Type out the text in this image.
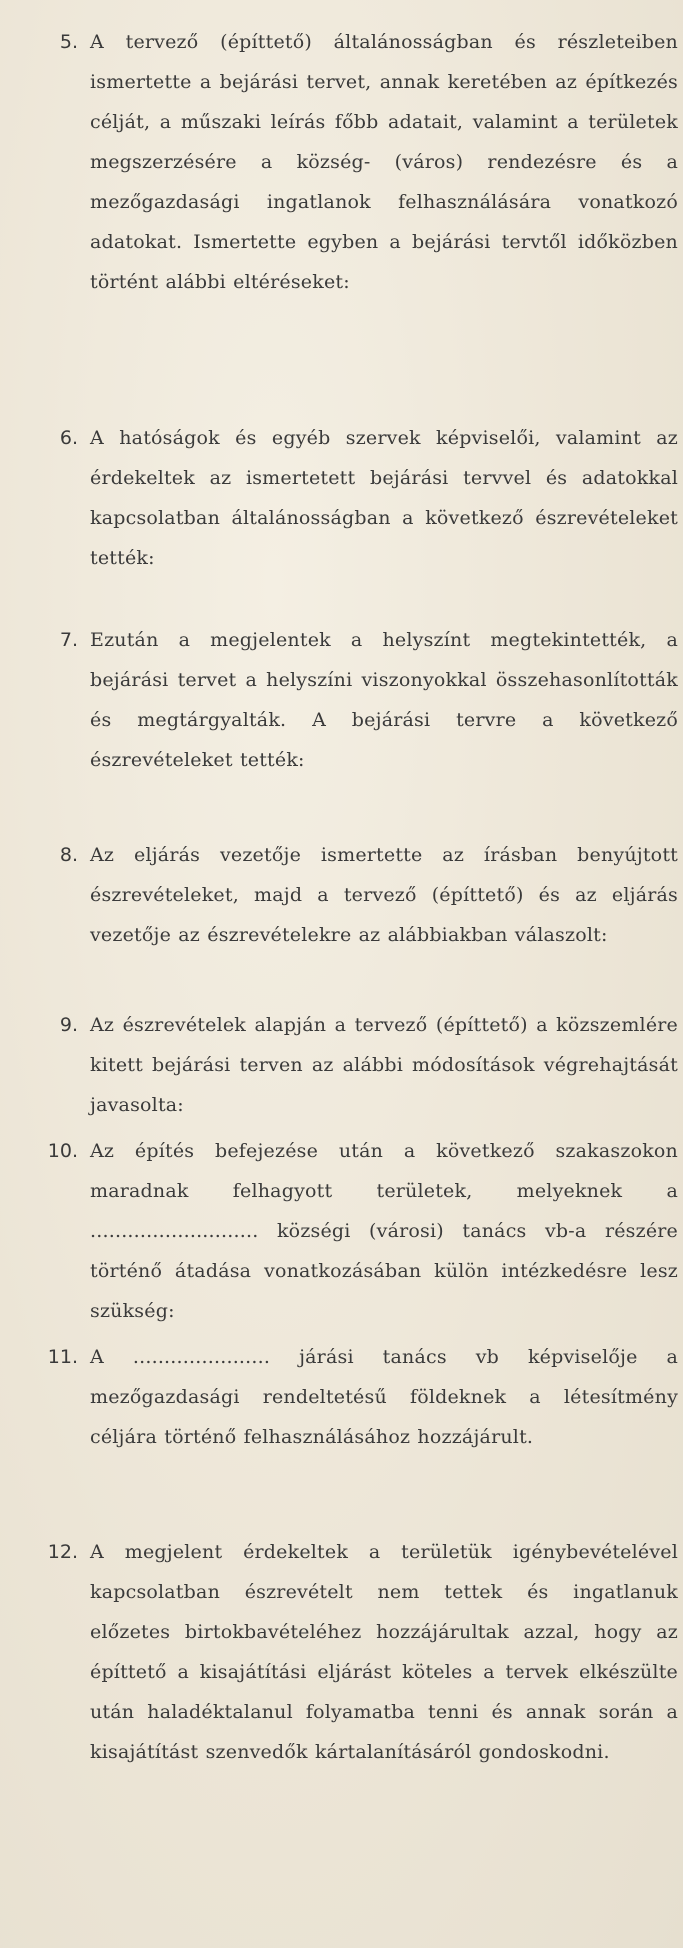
5. A tervező (építtető) általánosságban és részleteiben ismertette a bejárási tervet, annak keretében az építkezés célját, a műszaki leírás főbb adatait, valamint a területek megszerzésére a község- (város) rendezésre és a mezőgazdasági ingatlanok felhasználására vonatkozó adatokat. Ismertette egyben a bejárási tervtől időközben történt alábbi eltéréseket:
6. A hatóságok és egyéb szervek képviselői, valamint az érdekeltek az ismertetett bejárási tervvel és adatokkal kapcsolatban általánosságban a következő észrevételeket tették:
7. Ezután a megjelentek a helyszínt megtekintették, a bejárási tervet a helyszíni viszonyokkal összehasonlították és megtárgyalták. A bejárási tervre a következő észrevételeket tették:
8. Az eljárás vezetője ismertette az írásban benyújtott észrevételeket, majd a tervező (építtető) és az eljárás vezetője az észrevételekre az alábbiakban válaszolt:
9. Az észrevételek alapján a tervező (építtető) a közszemlére kitett bejárási terven az alábbi módosítások végrehajtását javasolta:
10. Az építés befejezése után a következő szakaszokon maradnak felhagyott területek, melyeknek a ........................... községi (városi) tanács vb-a részére történő átadása vonatkozásában külön intézkedésre lesz szükség:
11. A ...................... járási tanács vb képviselője a mezőgazdasági rendeltetésű földeknek a létesítmény céljára történő felhasználásához hozzájárult.
12. A megjelent érdekeltek a területük igénybevételével kapcsolatban észrevételt nem tettek és ingatlanuk előzetes birtokbavételéhez hozzájárultak azzal, hogy az építtető a kisajátítási eljárást köteles a tervek elkészülte után haladéktalanul folyamatba tenni és annak során a kisajátítást szenvedők kártalanításáról gondoskodni.
